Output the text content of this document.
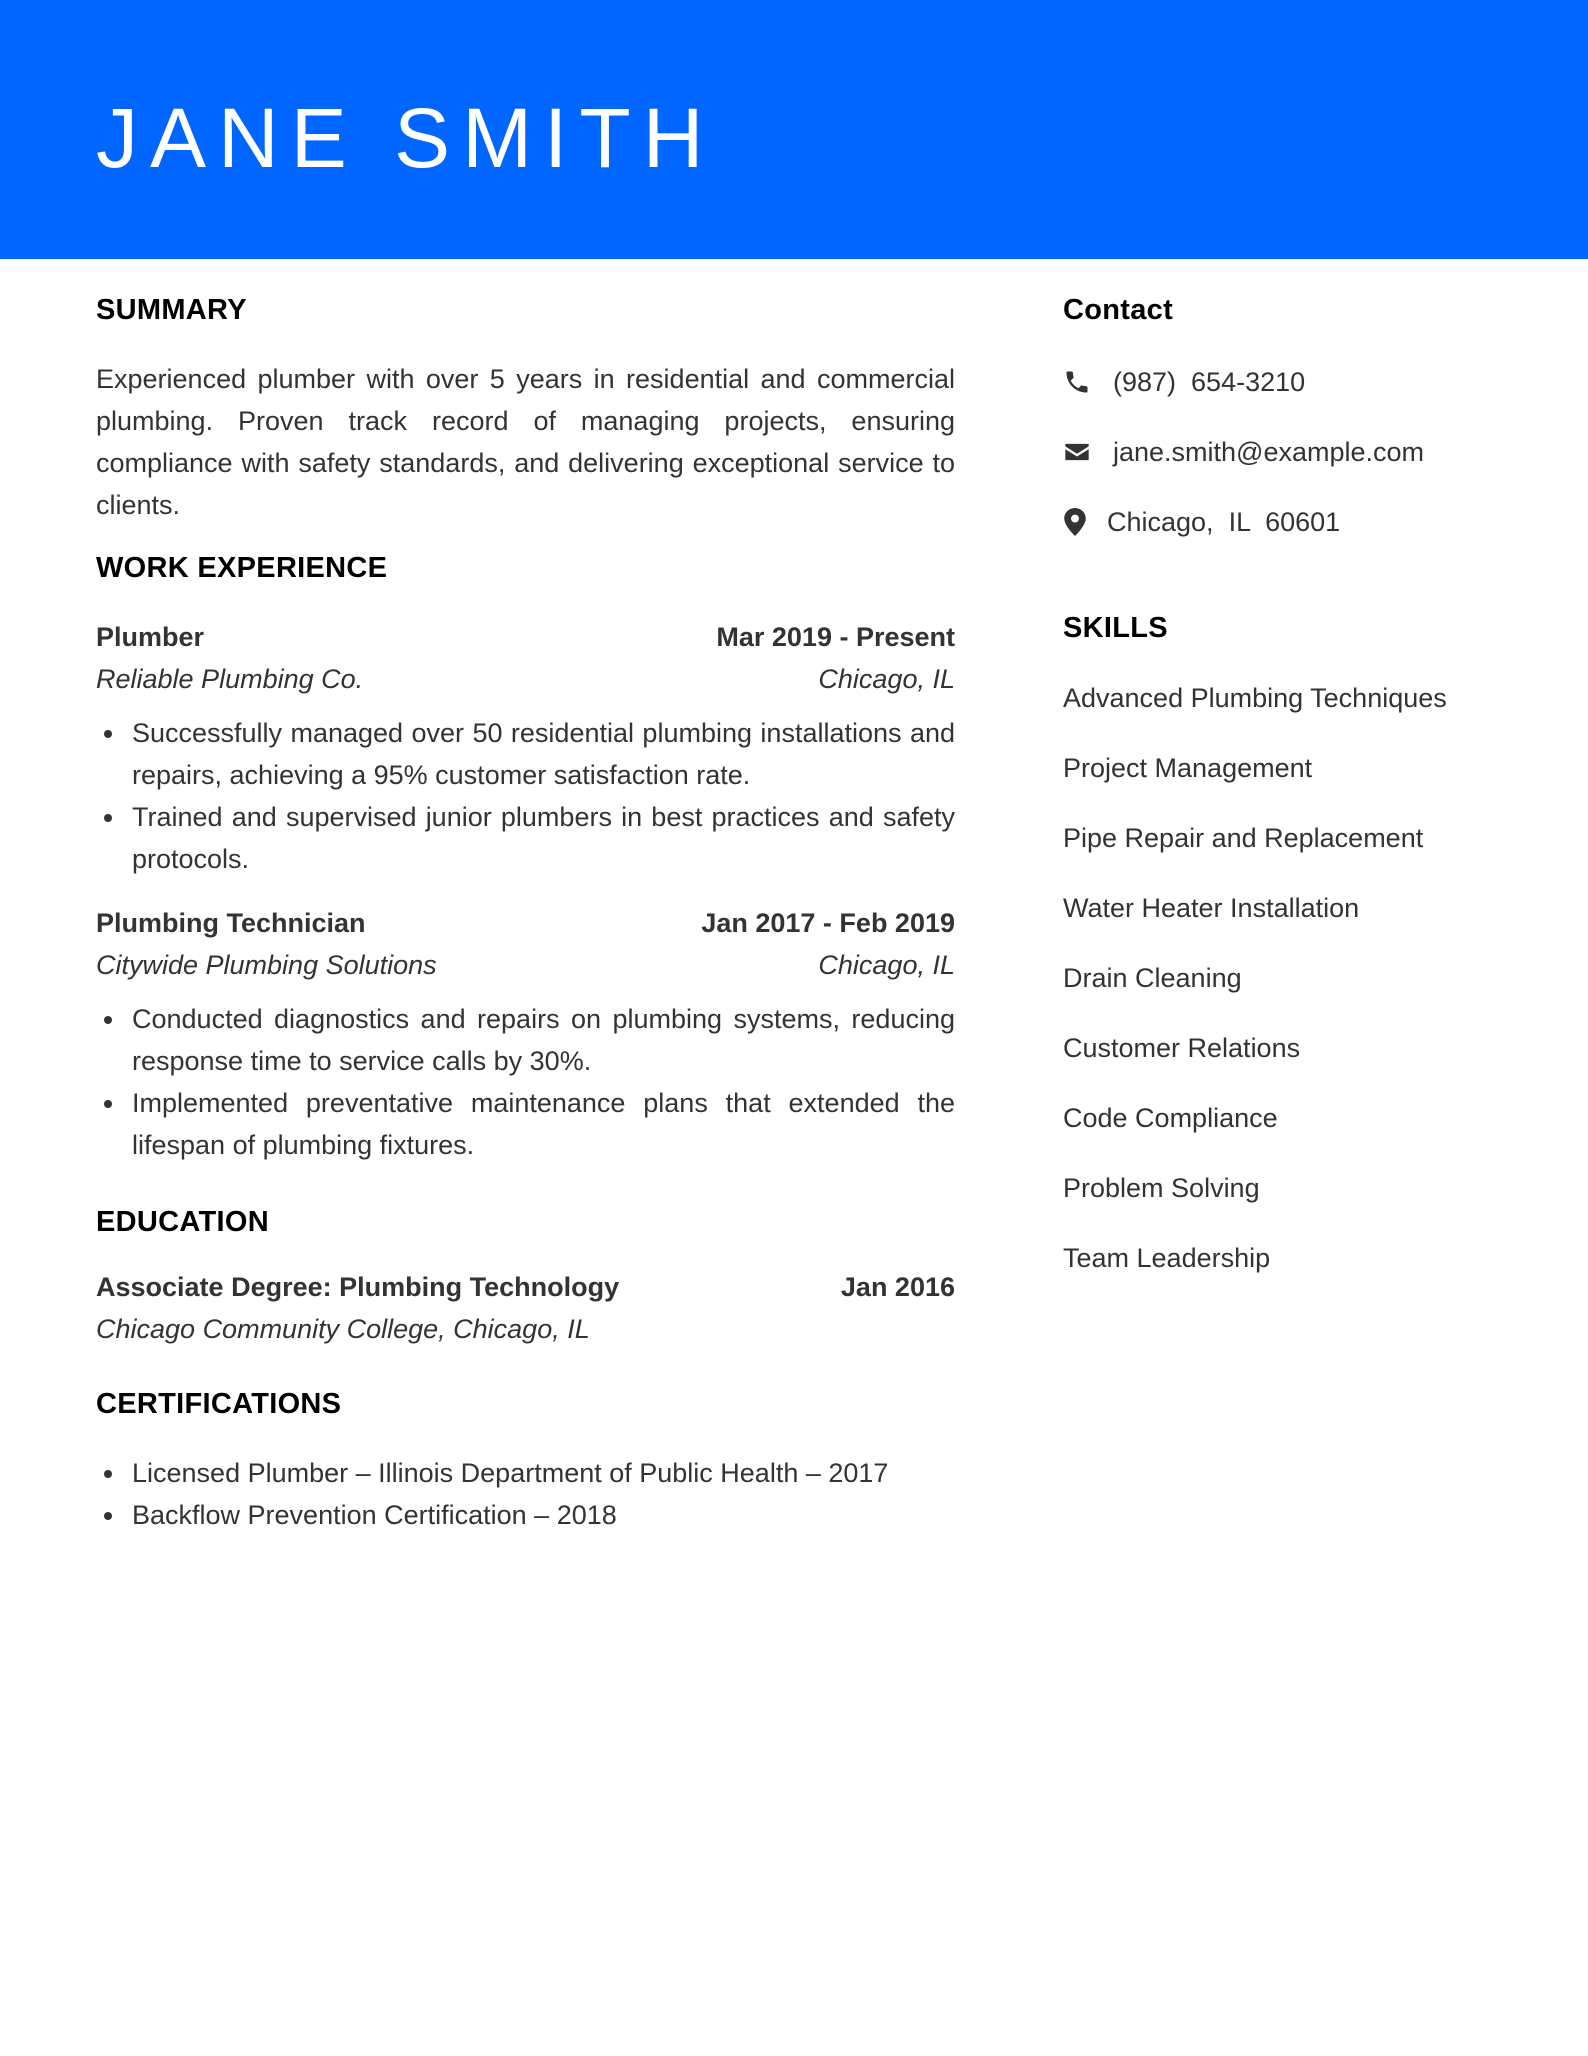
JANE SMITH
SUMMARY
Experienced plumber with over 5 years in residential and commercial plumbing. Proven track record of managing projects, ensuring compliance with safety standards, and delivering exceptional service to clients.
WORK EXPERIENCE
Plumber	Mar 2019 - Present
Reliable Plumbing Co.	Chicago, IL
Successfully managed over 50 residential plumbing installations and repairs, achieving a 95% customer satisfaction rate.
Trained and supervised junior plumbers in best practices and safety protocols.
Plumbing Technician	Jan 2017 - Feb 2019
Citywide Plumbing Solutions	Chicago, IL
Conducted diagnostics and repairs on plumbing systems, reducing response time to service calls by 30%.
Implemented preventative maintenance plans that extended the lifespan of plumbing fixtures.
EDUCATION
Associate Degree: Plumbing Technology	Jan 2016
Chicago Community College, Chicago, IL
CERTIFICATIONS
Licensed Plumber – Illinois Department of Public Health – 2017
Backflow Prevention Certification – 2018
Contact
(987)  654-3210
jane.smith@example.com
Chicago,  IL  60601
SKILLS
Advanced Plumbing Techniques
Project Management
Pipe Repair and Replacement
Water Heater Installation
Drain Cleaning
Customer Relations
Code Compliance
Problem Solving
Team Leadership
